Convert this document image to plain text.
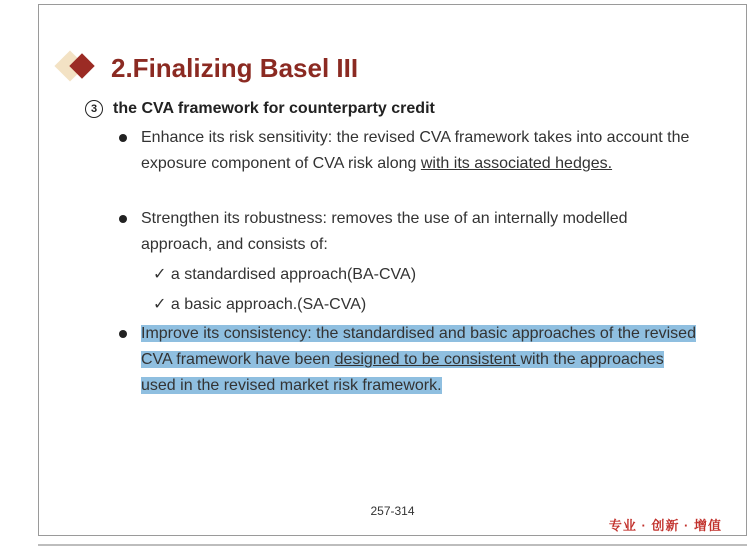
2.Finalizing Basel III
3 the CVA framework for counterparty credit
Enhance its risk sensitivity: the revised CVA framework takes into account the exposure component of CVA risk along with its associated hedges.
Strengthen its robustness: removes the use of an internally modelled approach, and consists of:
✓ a standardised approach(BA-CVA)
✓ a basic approach.(SA-CVA)
Improve its consistency: the standardised and basic approaches of the revised CVA framework have been designed to be consistent with the approaches used in the revised market risk framework.
257-314
专业 · 创新 · 增值
